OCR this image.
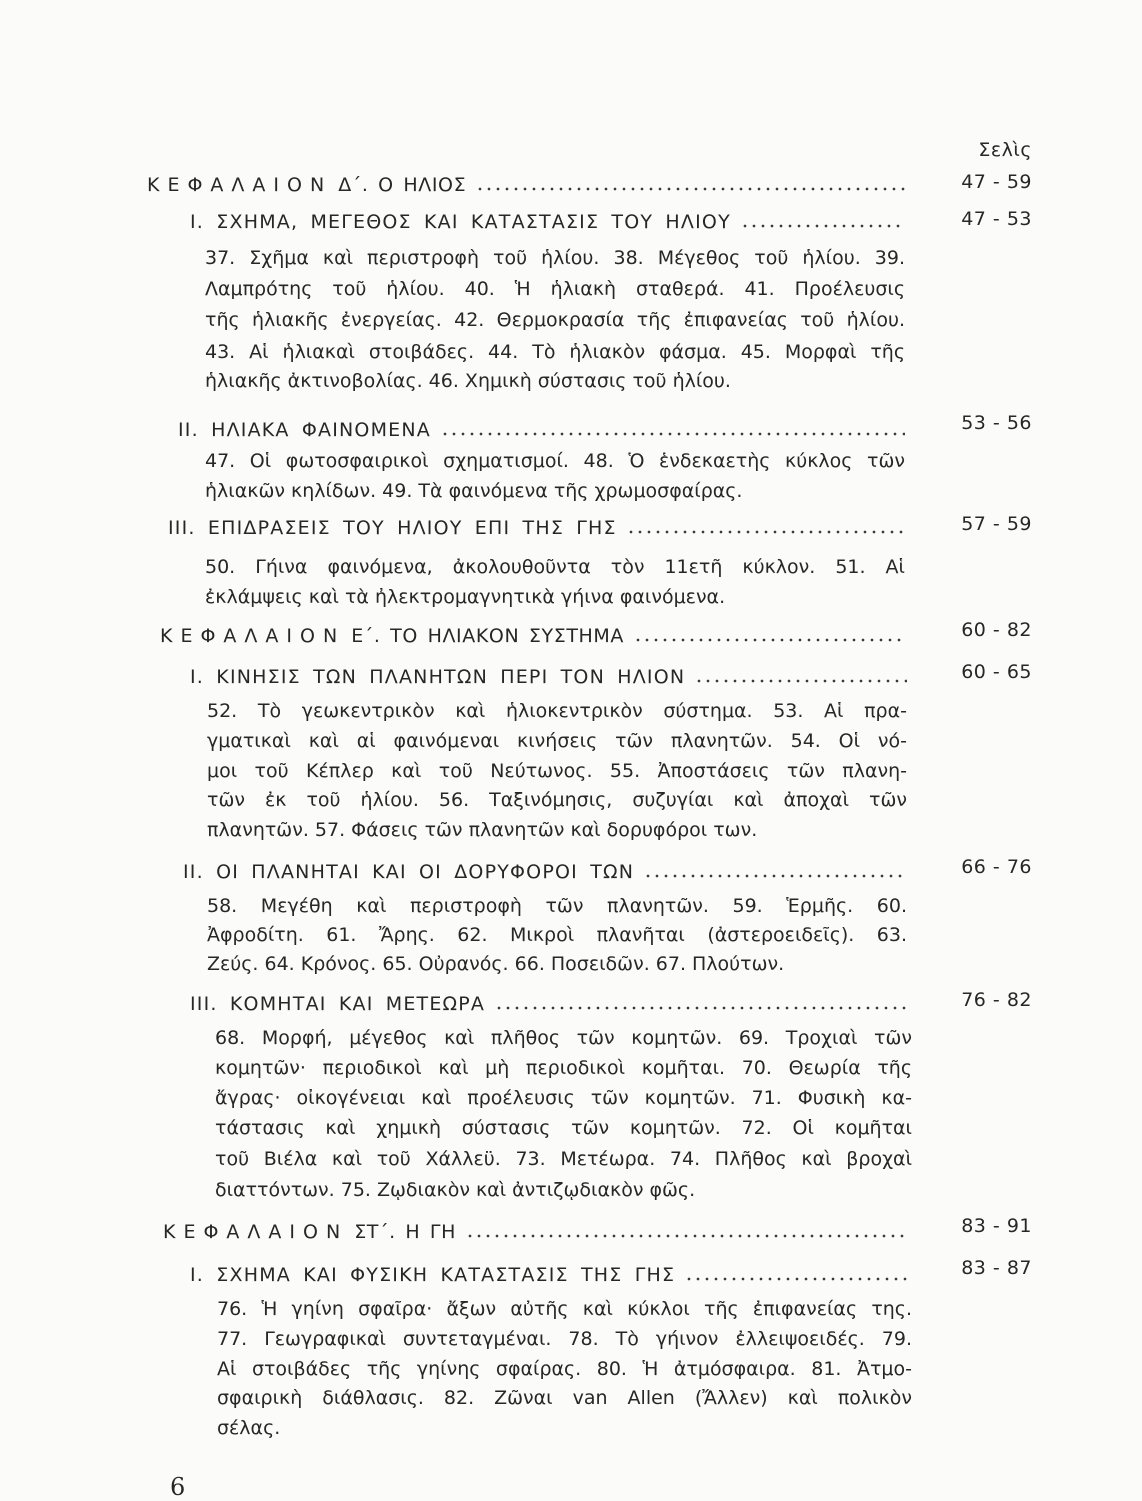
Σελὶς
ΚΕΦΑΛΑΙΟΝ Δ΄. Ο ΗΛΙΟΣ	47 - 59
I. ΣΧΗΜΑ, ΜΕΓΕΘΟΣ ΚΑΙ ΚΑΤΑΣΤΑΣΙΣ ΤΟΥ ΗΛΙΟΥ	47 - 53
37. Σχῆμα καὶ περιστροφὴ τοῦ ἡλίου. 38. Μέγεθος τοῦ ἡλίου. 39.
Λαμπρότης τοῦ ἡλίου. 40. Ἡ ἡλιακὴ σταθερά. 41. Προέλευσις
τῆς ἡλιακῆς ἐνεργείας. 42. Θερμοκρασία τῆς ἐπιφανείας τοῦ ἡλίου.
43. Αἱ ἡλιακαὶ στοιβάδες. 44. Τὸ ἡλιακὸν φάσμα. 45. Μορφαὶ τῆς
ἡλιακῆς ἀκτινοβολίας. 46. Χημικὴ σύστασις τοῦ ἡλίου.
II. ΗΛΙΑΚΑ ΦΑΙΝΟΜΕΝΑ	53 - 56
47. Οἱ φωτοσφαιρικοὶ σχηματισμοί. 48. Ὁ ἑνδεκαετὴς κύκλος τῶν
ἡλιακῶν κηλίδων. 49. Τὰ φαινόμενα τῆς χρωμοσφαίρας.
III. ΕΠΙΔΡΑΣΕΙΣ ΤΟΥ ΗΛΙΟΥ ΕΠΙ ΤΗΣ ΓΗΣ	57 - 59
50. Γήινα φαινόμενα, ἀκολουθοῦντα τὸν 11ετῆ κύκλον. 51. Αἱ
ἐκλάμψεις καὶ τὰ ἠλεκτρομαγνητικὰ γήινα φαινόμενα.
ΚΕΦΑΛΑΙΟΝ Ε΄. ΤΟ ΗΛΙΑΚΟΝ ΣΥΣΤΗΜΑ	60 - 82
I. ΚΙΝΗΣΙΣ ΤΩΝ ΠΛΑΝΗΤΩΝ ΠΕΡΙ ΤΟΝ ΗΛΙΟΝ	60 - 65
52. Τὸ γεωκεντρικὸν καὶ ἡλιοκεντρικὸν σύστημα. 53. Αἱ πρα-
γματικαὶ καὶ αἱ φαινόμεναι κινήσεις τῶν πλανητῶν. 54. Οἱ νό-
μοι τοῦ Κέπλερ καὶ τοῦ Νεύτωνος. 55. Ἀποστάσεις τῶν πλανη-
τῶν ἐκ τοῦ ἡλίου. 56. Ταξινόμησις, συζυγίαι καὶ ἀποχαὶ τῶν
πλανητῶν. 57. Φάσεις τῶν πλανητῶν καὶ δορυφόροι των.
II. ΟΙ ΠΛΑΝΗΤΑΙ ΚΑΙ ΟΙ ΔΟΡΥΦΟΡΟΙ ΤΩΝ	66 - 76
58. Μεγέθη καὶ περιστροφὴ τῶν πλανητῶν. 59. Ἑρμῆς. 60.
Ἀφροδίτη. 61. Ἄρης. 62. Μικροὶ πλανῆται (ἀστεροειδεῖς). 63.
Ζεύς. 64. Κρόνος. 65. Οὐρανός. 66. Ποσειδῶν. 67. Πλούτων.
III. ΚΟΜΗΤΑΙ ΚΑΙ ΜΕΤΕΩΡΑ	76 - 82
68. Μορφή, μέγεθος καὶ πλῆθος τῶν κομητῶν. 69. Τροχιαὶ τῶν
κομητῶν· περιοδικοὶ καὶ μὴ περιοδικοὶ κομῆται. 70. Θεωρία τῆς
ἄγρας· οἰκογένειαι καὶ προέλευσις τῶν κομητῶν. 71. Φυσικὴ κα-
τάστασις καὶ χημικὴ σύστασις τῶν κομητῶν. 72. Οἱ κομῆται
τοῦ Βιέλα καὶ τοῦ Χάλλεϋ. 73. Μετέωρα. 74. Πλῆθος καὶ βροχαὶ
διαττόντων. 75. Ζῳδιακὸν καὶ ἀντιζῳδιακὸν φῶς.
ΚΕΦΑΛΑΙΟΝ ΣΤ΄. Η ΓΗ	83 - 91
I. ΣΧΗΜΑ ΚΑΙ ΦΥΣΙΚΗ ΚΑΤΑΣΤΑΣΙΣ ΤΗΣ ΓΗΣ	83 - 87
76. Ἡ γηίνη σφαῖρα· ἄξων αὐτῆς καὶ κύκλοι τῆς ἐπιφανείας της.
77. Γεωγραφικαὶ συντεταγμέναι. 78. Τὸ γήινον ἐλλειψοειδές. 79.
Αἱ στοιβάδες τῆς γηίνης σφαίρας. 80. Ἡ ἀτμόσφαιρα. 81. Ἀτμο-
σφαιρικὴ διάθλασις. 82. Ζῶναι van Allen (Ἄλλεν) καὶ πολικὸν
σέλας.
6
